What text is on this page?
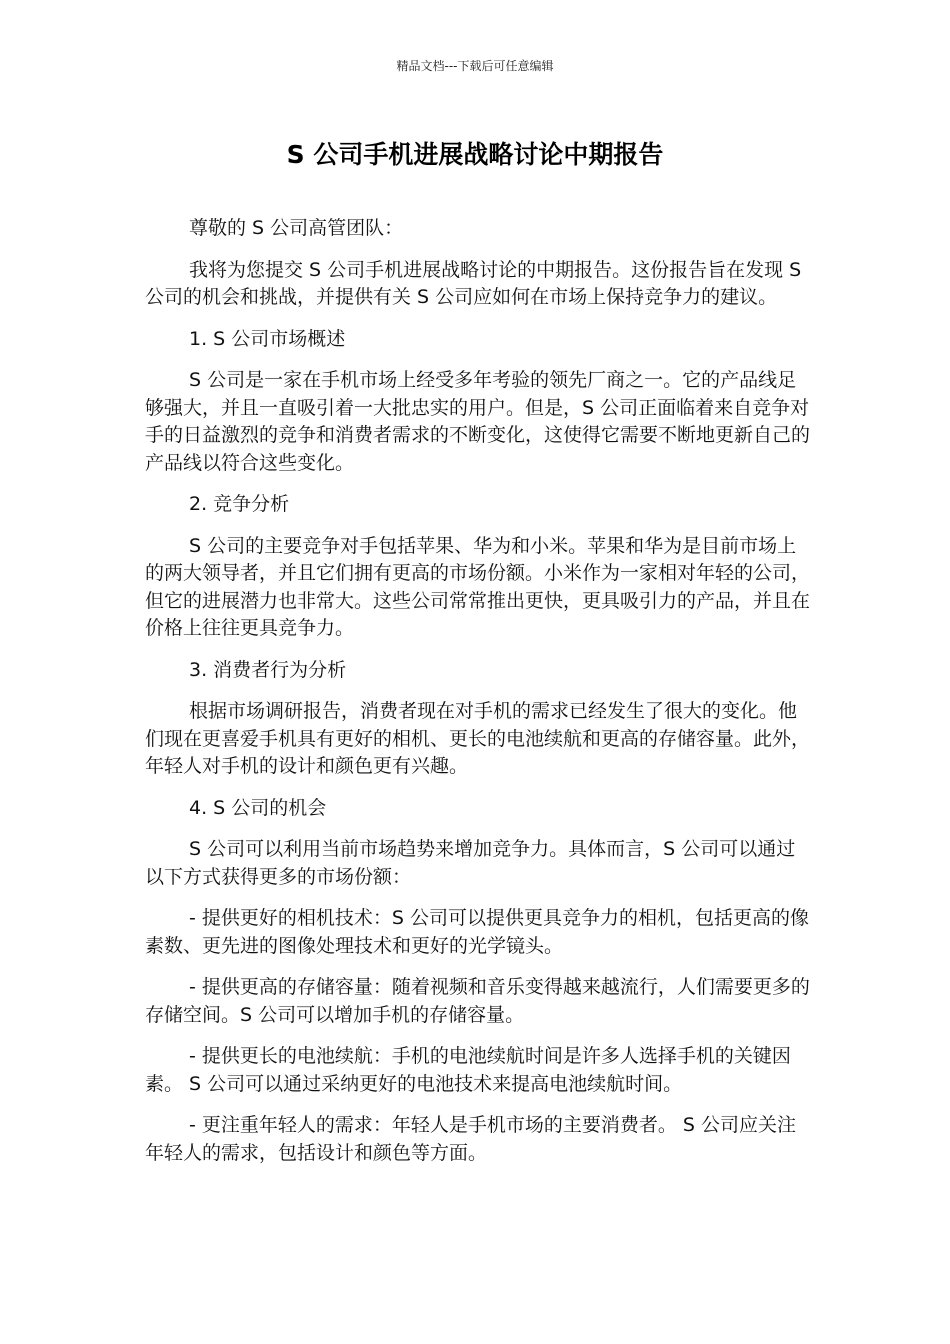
精品文档---下载后可任意编辑
S 公司手机进展战略讨论中期报告

尊敬的 S 公司高管团队：

我将为您提交 S 公司手机进展战略讨论的中期报告。这份报告旨在发现 S 公司的机会和挑战，并提供有关 S 公司应如何在市场上保持竞争力的建议。

1. S 公司市场概述

S 公司是一家在手机市场上经受多年考验的领先厂商之一。它的产品线足够强大，并且一直吸引着一大批忠实的用户。但是，S 公司正面临着来自竞争对手的日益激烈的竞争和消费者需求的不断变化，这使得它需要不断地更新自己的产品线以符合这些变化。

2. 竞争分析

S 公司的主要竞争对手包括苹果、华为和小米。苹果和华为是目前市场上的两大领导者，并且它们拥有更高的市场份额。小米作为一家相对年轻的公司，但它的进展潜力也非常大。这些公司常常推出更快，更具吸引力的产品，并且在价格上往往更具竞争力。

3. 消费者行为分析

根据市场调研报告，消费者现在对手机的需求已经发生了很大的变化。他们现在更喜爱手机具有更好的相机、更长的电池续航和更高的存储容量。此外，年轻人对手机的设计和颜色更有兴趣。

4. S 公司的机会

S 公司可以利用当前市场趋势来增加竞争力。具体而言，S 公司可以通过以下方式获得更多的市场份额：

- 提供更好的相机技术：S 公司可以提供更具竞争力的相机，包括更高的像素数、更先进的图像处理技术和更好的光学镜头。

- 提供更高的存储容量：随着视频和音乐变得越来越流行，人们需要更多的存储空间。S 公司可以增加手机的存储容量。

- 提供更长的电池续航：手机的电池续航时间是许多人选择手机的关键因素。 S 公司可以通过采纳更好的电池技术来提高电池续航时间。

- 更注重年轻人的需求：年轻人是手机市场的主要消费者。 S 公司应关注年轻人的需求，包括设计和颜色等方面。
